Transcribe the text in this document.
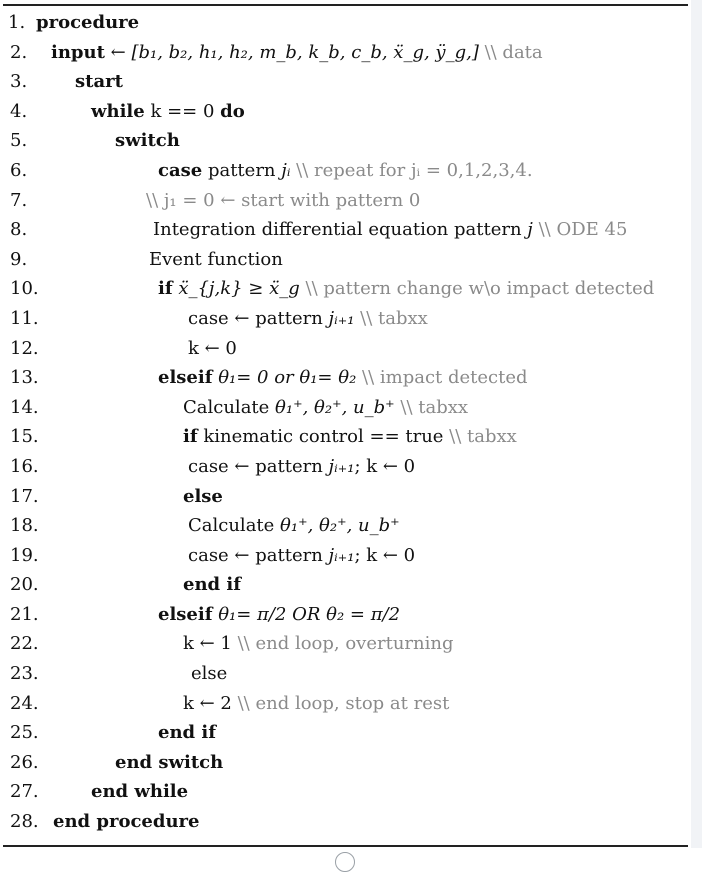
1. procedure
2. input ← [b₁, b₂, h₁, h₂, m_b, k_b, c_b, ẍ_g, ÿ_g,] \\ data
3.	start
4.	while k == 0 do
5.	switch
6.	case pattern jᵢ \\ repeat for jᵢ = 0,1,2,3,4.
7.	\\ j₁ = 0 ← start with pattern 0
8.	Integration differential equation pattern j \\ ODE 45
9.	Event function
10.	if ẍ_{j,k} ≥ ẍ_g \\ pattern change w\o impact detected
11.	case ← pattern jᵢ₊₁ \\ tabxx
12.	k ← 0
13.	elseif θ₁= 0 or θ₁= θ₂ \\ impact detected
14.	Calculate θ₁⁺, θ₂⁺, u_b⁺ \\ tabxx
15.	if kinematic control == true \\ tabxx
16.	case ← pattern jᵢ₊₁; k ← 0
17.	else
18.	Calculate θ₁⁺, θ₂⁺, u_b⁺
19.	case ← pattern jᵢ₊₁; k ← 0
20.	end if
21.	elseif θ₁= π/2 OR θ₂ = π/2
22.	k ← 1 \\ end loop, overturning
23.	else
24.	k ← 2 \\ end loop, stop at rest
25.	end if
26.	end switch
27.	end while
28. end procedure
